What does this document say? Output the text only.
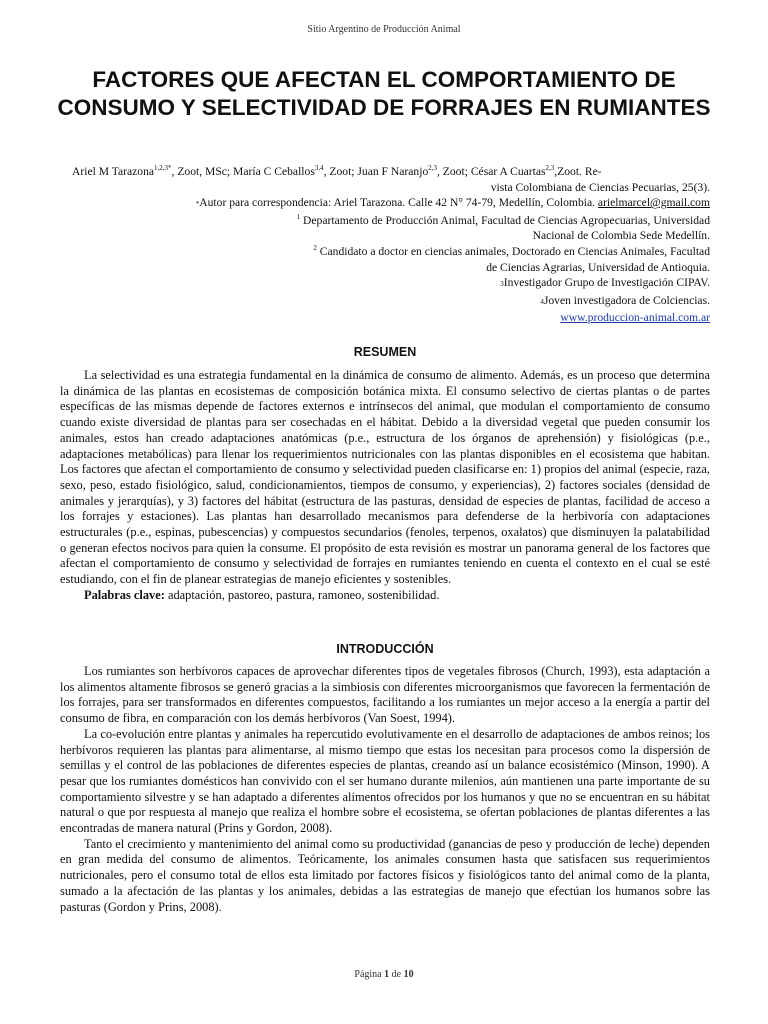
Sitio Argentino de Producción Animal
FACTORES QUE AFECTAN EL COMPORTAMIENTO DE CONSUMO Y SELECTIVIDAD DE FORRAJES EN RUMIANTES
Ariel M Tarazona$^{1,2,3*}$, Zoot, MSc; María C Ceballos$^{3,4}$, Zoot; Juan F Naranjo$^{2,3}$, Zoot; César A Cuartas$^{2,3}$,Zoot. Re-
vista Colombiana de Ciencias Pecuarias, 25(3).
*Autor para correspondencia: Ariel Tarazona. Calle 42 N° 74-79, Medellín, Colombia. arielmarcel@gmail.com
$^1$ Departamento de Producción Animal, Facultad de Ciencias Agropecuarias, Universidad
Nacional de Colombia Sede Medellín.
$^2$ Candidato a doctor en ciencias animales, Doctorado en Ciencias Animales, Facultad
de Ciencias Agrarias, Universidad de Antioquia.
3Investigador Grupo de Investigación CIPAV.
4Joven investigadora de Colciencias.
www.produccion-animal.com.ar
RESUMEN

La selectividad es una estrategia fundamental en la dinámica de consumo de alimento. Además, es un proceso que determina la dinámica de las plantas en ecosistemas de composición botánica mixta. El consumo selectivo de ciertas plantas o de partes específicas de las mismas depende de factores externos e intrínsecos del animal, que modulan el comportamiento de consumo cuando existe diversidad de plantas para ser cosechadas en el hábitat. Debido a la diversidad vegetal que pueden consumir los animales, estos han creado adaptaciones anatómicas (p.e., estructura de los órganos de aprehensión) y fisiológicas (p.e., adaptaciones metabólicas) para llenar los requerimientos nutricionales con las plantas disponibles en el ecosistema que habitan. Los factores que afectan el comportamiento de consumo y selectividad pueden clasificarse en: 1) propios del animal (especie, raza, sexo, peso, estado fisiológico, salud, condicionamientos, tiempos de consumo, y experiencias), 2) factores sociales (densidad de animales y jerarquías), y 3) factores del hábitat (estructura de las pasturas, densidad de especies de plantas, facilidad de acceso a los forrajes y estaciones). Las plantas han desarrollado mecanismos para defenderse de la herbivoría con adaptaciones estructurales (p.e., espinas, pubescencias) y compuestos secundarios (fenoles, terpenos, oxalatos) que disminuyen la palatabilidad o generan efectos nocivos para quien la consume. El propósito de esta revisión es mostrar un panorama general de los factores que afectan el comportamiento de consumo y selectividad de forrajes en rumiantes teniendo en cuenta el contexto en el cual se esté estudiando, con el fin de planear estrategias de manejo eficientes y sostenibles.

Palabras clave: adaptación, pastoreo, pastura, ramoneo, sostenibilidad.

INTRODUCCIÓN

Los rumiantes son herbívoros capaces de aprovechar diferentes tipos de vegetales fibrosos (Church, 1993), esta adaptación a los alimentos altamente fibrosos se generó gracias a la simbiosis con diferentes microorganismos que favorecen la fermentación de los forrajes, para ser transformados en diferentes compuestos, facilitando a los rumiantes un mejor acceso a la energía a partir del consumo de fibra, en comparación con los demás herbívoros (Van Soest, 1994).

La co-evolución entre plantas y animales ha repercutido evolutivamente en el desarrollo de adaptaciones de ambos reinos; los herbívoros requieren las plantas para alimentarse, al mismo tiempo que estas los necesitan para procesos como la dispersión de semillas y el control de las poblaciones de diferentes especies de plantas, creando así un balance ecosistémico (Minson, 1990). A pesar que los rumiantes domésticos han convivido con el ser humano durante milenios, aún mantienen una parte importante de su comportamiento silvestre y se han adaptado a diferentes alimentos ofrecidos por los humanos y que no se encuentran en su hábitat natural o que por respuesta al manejo que realiza el hombre sobre el ecosistema, se ofertan poblaciones de plantas diferentes a las encontradas de manera natural (Prins y Gordon, 2008).

Tanto el crecimiento y mantenimiento del animal como su productividad (ganancias de peso y producción de leche) dependen en gran medida del consumo de alimentos. Teóricamente, los animales consumen hasta que satisfacen sus requerimientos nutricionales, pero el consumo total de ellos esta limitado por factores físicos y fisiológicos tanto del animal como de la planta, sumado a la afectación de las plantas y los animales, debidas a las estrategias de manejo que efectúan los humanos sobre las pasturas (Gordon y Prins, 2008).

Página 1 de 10
